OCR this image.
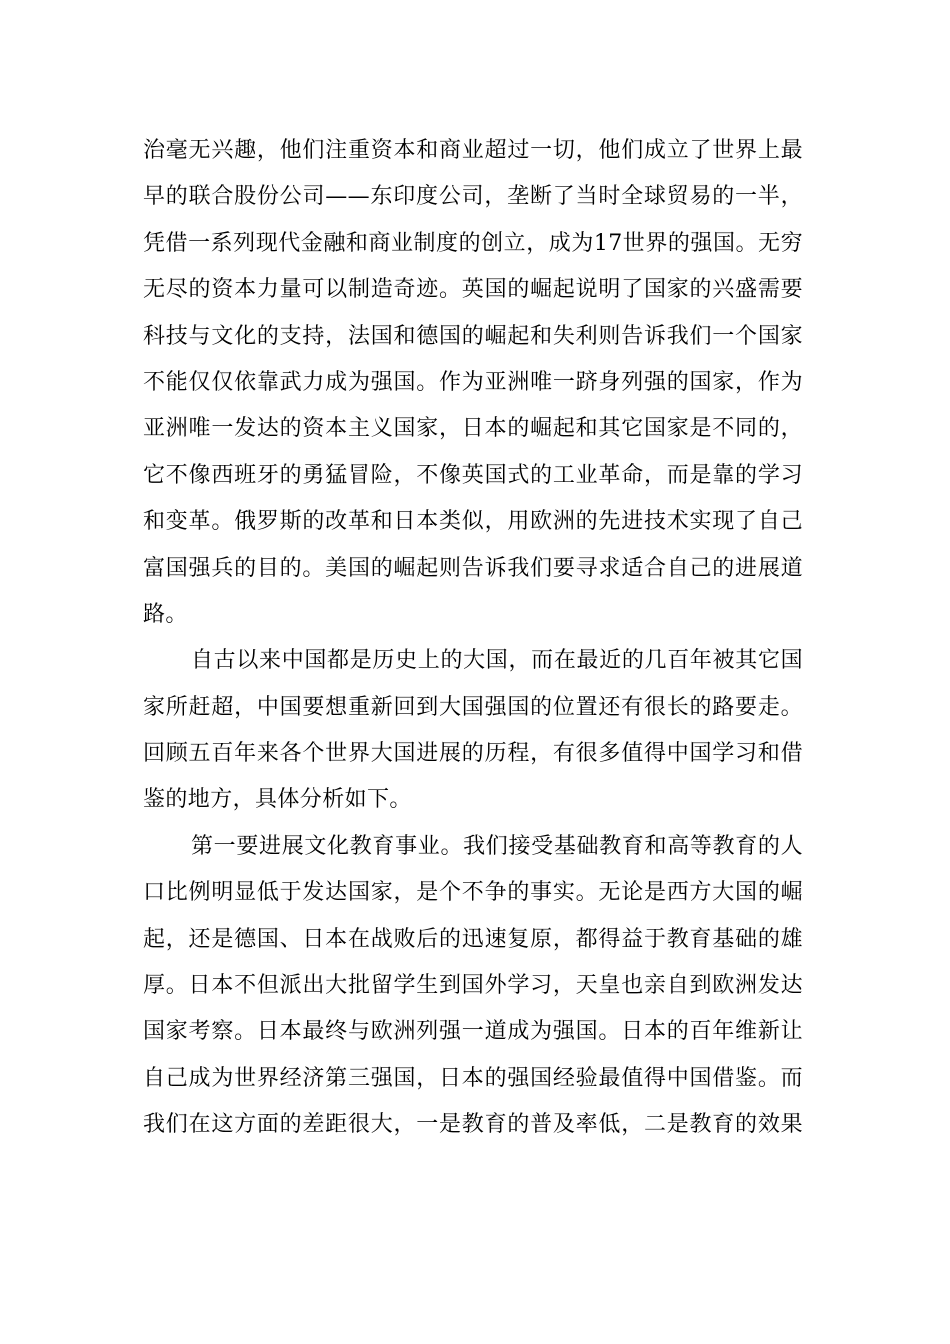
治毫无兴趣，他们注重资本和商业超过一切，他们成立了世界上最
早的联合股份公司——东印度公司，垄断了当时全球贸易的一半，
凭借一系列现代金融和商业制度的创立，成为17世界的强国。无穷
无尽的资本力量可以制造奇迹。英国的崛起说明了国家的兴盛需要
科技与文化的支持，法国和德国的崛起和失利则告诉我们一个国家
不能仅仅依靠武力成为强国。作为亚洲唯一跻身列强的国家，作为
亚洲唯一发达的资本主义国家，日本的崛起和其它国家是不同的，
它不像西班牙的勇猛冒险，不像英国式的工业革命，而是靠的学习
和变革。俄罗斯的改革和日本类似，用欧洲的先进技术实现了自己
富国强兵的目的。美国的崛起则告诉我们要寻求适合自己的进展道
路。
自古以来中国都是历史上的大国，而在最近的几百年被其它国
家所赶超，中国要想重新回到大国强国的位置还有很长的路要走。
回顾五百年来各个世界大国进展的历程，有很多值得中国学习和借
鉴的地方，具体分析如下。
第一要进展文化教育事业。我们接受基础教育和高等教育的人
口比例明显低于发达国家，是个不争的事实。无论是西方大国的崛
起，还是德国、日本在战败后的迅速复原，都得益于教育基础的雄
厚。日本不但派出大批留学生到国外学习，天皇也亲自到欧洲发达
国家考察。日本最终与欧洲列强一道成为强国。日本的百年维新让
自己成为世界经济第三强国，日本的强国经验最值得中国借鉴。而
我们在这方面的差距很大，一是教育的普及率低，二是教育的效果
